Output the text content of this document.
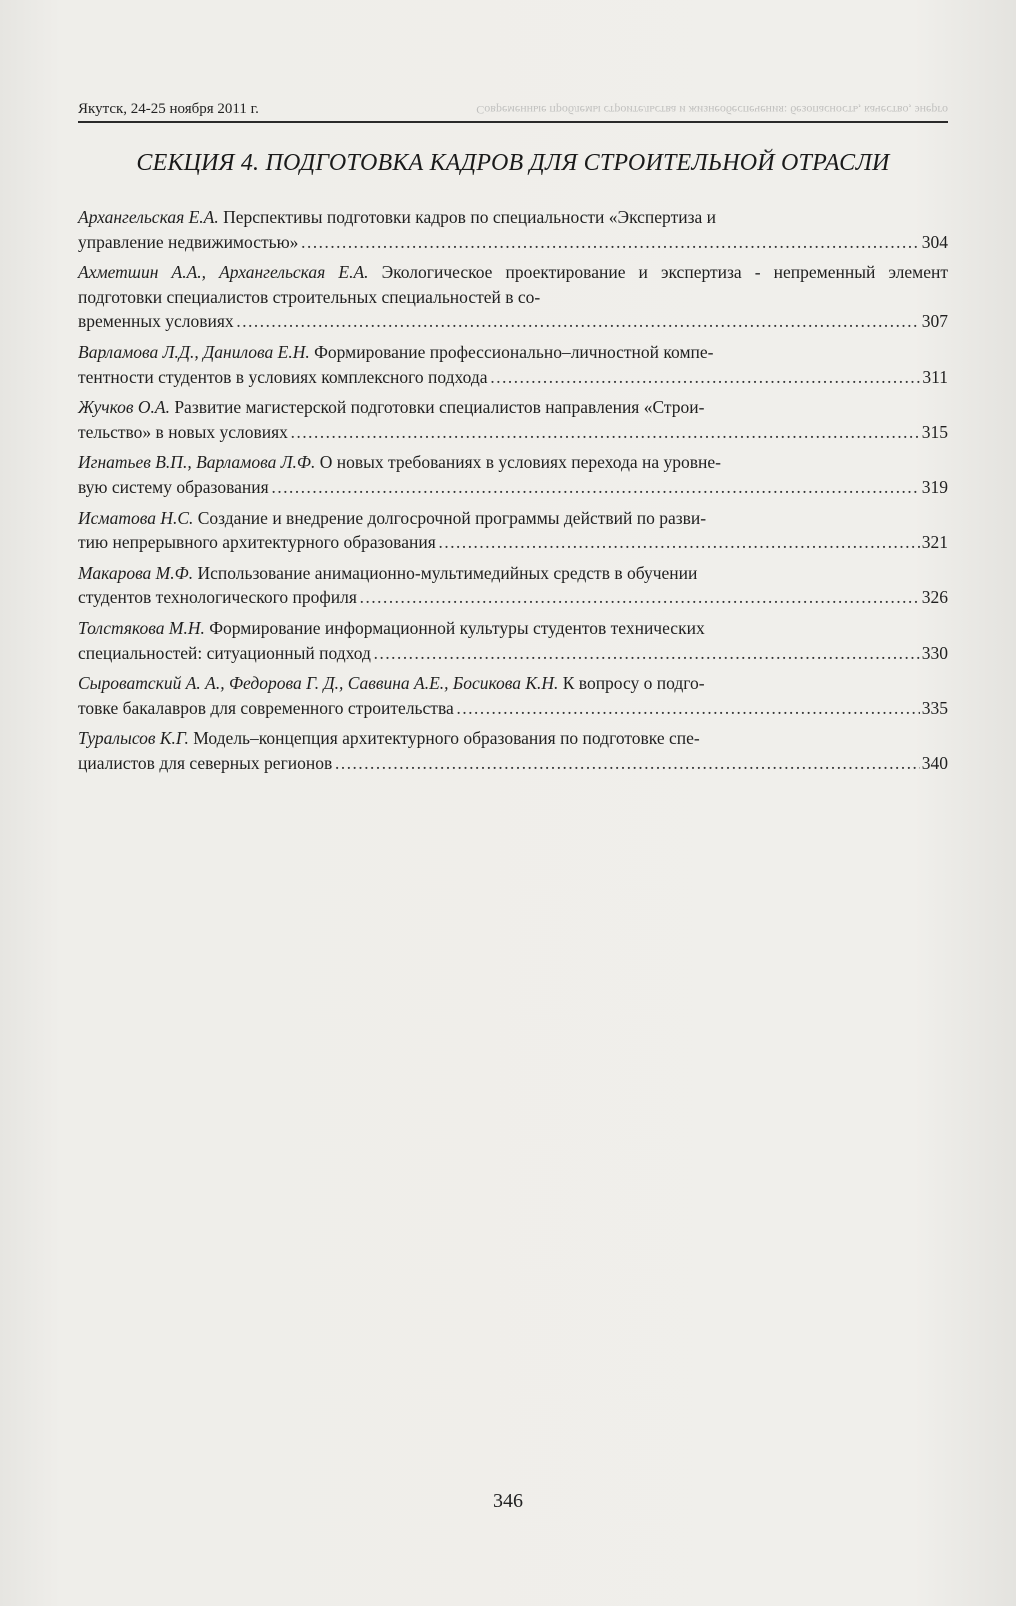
Якутск, 24-25 ноября 2011 г.	Современные проблемы строительства и жизнеобеспечения: безопасность, качество, энерго
СЕКЦИЯ 4. ПОДГОТОВКА КАДРОВ ДЛЯ СТРОИТЕЛЬНОЙ ОТРАСЛИ
Архангельская Е.А. Перспективы подготовки кадров по специальности «Экспертиза и
управление недвижимостью» ……………………………………………………………………………………………………………………………………………………………………	304
Ахметшин А.А., Архангельская Е.А. Экологическое проектирование и экспертиза - непременный элемент подготовки специалистов строительных специальностей в со-
временных условиях ……………………………………………………………………………………………………………………………………………………………………	307
Варламова Л.Д., Данилова Е.Н. Формирование профессионально–личностной компе-
тентности студентов в условиях комплексного подхода ……………………………………………………………………………………………………………………………………………………………………	311
Жучков О.А. Развитие магистерской подготовки специалистов направления «Строи-
тельство» в новых условиях ……………………………………………………………………………………………………………………………………………………………………	315
Игнатьев В.П., Варламова Л.Ф. О новых требованиях в условиях перехода на уровне-
вую систему образования ……………………………………………………………………………………………………………………………………………………………………	319
Исматова Н.С. Создание и внедрение долгосрочной программы действий по разви-
тию непрерывного архитектурного образования ……………………………………………………………………………………………………………………………………………………………………	321
Макарова М.Ф. Использование анимационно-мультимедийных средств в обучении
студентов технологического профиля ……………………………………………………………………………………………………………………………………………………………………	326
Толстякова М.Н. Формирование информационной культуры студентов технических
специальностей: ситуационный подход ……………………………………………………………………………………………………………………………………………………………………	330
Сыроватский А. А., Федорова Г. Д., Саввина А.Е., Босикова К.Н. К вопросу о подго-
товке бакалавров для современного строительства ……………………………………………………………………………………………………………………………………………………………………	335
Туралысов К.Г. Модель–концепция архитектурного образования по подготовке спе-
циалистов для северных регионов ……………………………………………………………………………………………………………………………………………………………………	340
346
